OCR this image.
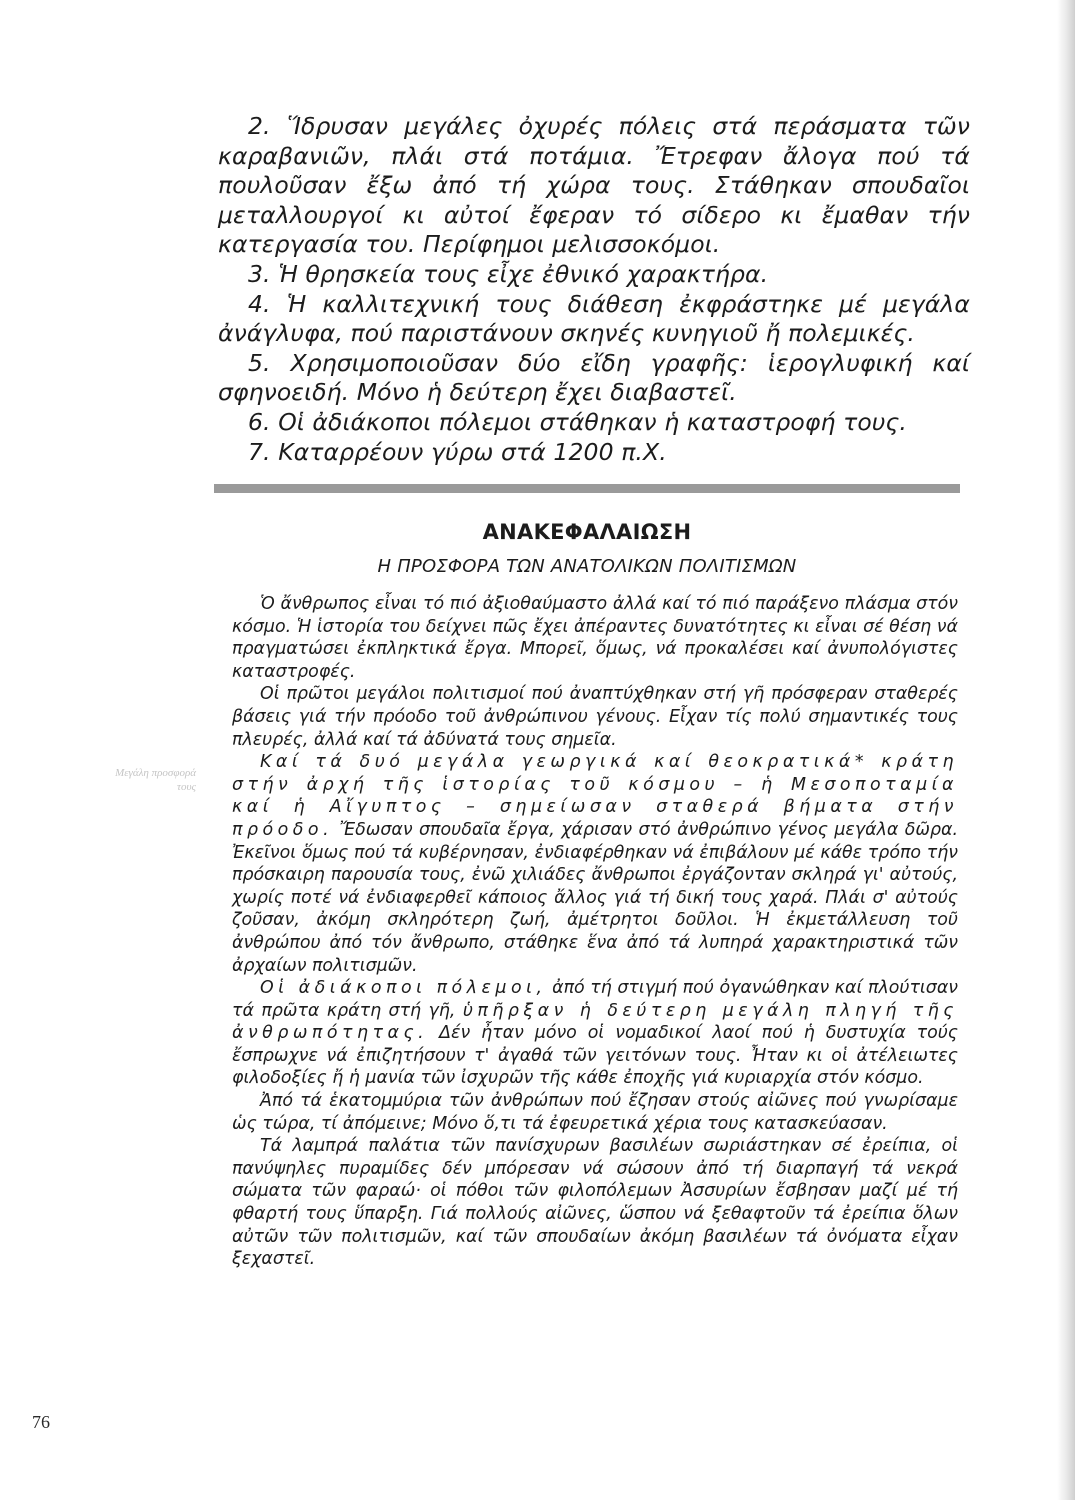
2. Ἵδρυσαν μεγάλες ὀχυρές πόλεις στά περάσματα τῶν καραβανιῶν, πλάι στά ποτάμια. Ἔτρεφαν ἄλογα πού τά πουλοῦσαν ἔξω ἀπό τή χώρα τους. Στάθηκαν σπουδαῖοι μεταλλουργοί κι αὐτοί ἔφεραν τό σίδερο κι ἔμαθαν τήν κατεργασία του. Περίφημοι μελισσοκόμοι.

3. Ἡ θρησκεία τους εἶχε ἐθνικό χαρακτήρα.

4. Ἡ καλλιτεχνική τους διάθεση ἐκφράστηκε μέ μεγάλα ἀνάγλυφα, πού παριστάνουν σκηνές κυνηγιοῦ ἤ πολεμικές.

5. Χρησιμοποιοῦσαν δύο εἴδη γραφῆς: ἱερογλυφική καί σφηνοειδή. Μόνο ἡ δεύτερη ἔχει διαβαστεῖ.

6. Οἱ ἀδιάκοποι πόλεμοι στάθηκαν ἡ καταστροφή τους.

7. Καταρρέουν γύρω στά 1200 π.Χ.

ΑΝΑΚΕΦΑΛΑΙΩΣΗ
Η ΠΡΟΣΦΟΡΑ ΤΩΝ ΑΝΑΤΟΛΙΚΩΝ ΠΟΛΙΤΙΣΜΩΝ
Μεγάλη προσφορά τους

Ὁ ἄνθρωπος εἶναι τό πιό ἀξιοθαύμαστο ἀλλά καί τό πιό παράξενο πλάσμα στόν κόσμο. Ἡ ἱστορία του δείχνει πῶς ἔχει ἀπέραντες δυνατότητες κι εἶναι σέ θέση νά πραγματώσει ἐκπληκτικά ἔργα. Μπορεῖ, ὅμως, νά προκαλέσει καί ἀνυπολόγιστες καταστροφές.

Οἱ πρῶτοι μεγάλοι πολιτισμοί πού ἀναπτύχθηκαν στή γῆ πρόσφεραν σταθερές βάσεις γιά τήν πρόοδο τοῦ ἀνθρώπινου γένους. Εἶχαν τίς πολύ σημαντικές τους πλευρές, ἀλλά καί τά ἀδύνατά τους σημεῖα.

Καί τά δυό μεγάλα γεωργικά καί θεοκρατικά* κράτη στήν ἀρχή τῆς ἱστορίας τοῦ κόσμου – ἡ Μεσοποταμία καί ἡ Αἴγυπτος – σημείωσαν σταθερά βήματα στήν πρόοδο. Ἔδωσαν σπουδαῖα ἔργα, χάρισαν στό ἀνθρώπινο γένος μεγάλα δῶρα. Ἐκεῖνοι ὅμως πού τά κυβέρνησαν, ἐνδιαφέρθηκαν νά ἐπιβάλουν μέ κάθε τρόπο τήν πρόσκαιρη παρουσία τους, ἐνῶ χιλιάδες ἄνθρωποι ἐργάζονταν σκληρά γι' αὐτούς, χωρίς ποτέ νά ἐνδιαφερθεῖ κάποιος ἄλλος γιά τή δική τους χαρά. Πλάι σ' αὐτούς ζοῦσαν, ἀκόμη σκληρότερη ζωή, ἀμέτρητοι δοῦλοι. Ἡ ἐκμετάλλευση τοῦ ἀνθρώπου ἀπό τόν ἄνθρωπο, στάθηκε ἕνα ἀπό τά λυπηρά χαρακτηριστικά τῶν ἀρχαίων πολιτισμῶν.

Οἱ ἀδιάκοποι πόλεμοι, ἀπό τή στιγμή πού ὀγανώθηκαν καί πλούτισαν τά πρῶτα κράτη στή γῆ, ὑπῆρξαν ἡ δεύτερη μεγάλη πληγή τῆς ἀνθρωπότητας. Δέν ἦταν μόνο οἱ νομαδικοί λαοί πού ἡ δυστυχία τούς ἔσπρωχνε νά ἐπιζητήσουν τ' ἀγαθά τῶν γειτόνων τους. Ἦταν κι οἱ ἀτέλειωτες φιλοδοξίες ἤ ἡ μανία τῶν ἰσχυρῶν τῆς κάθε ἐποχῆς γιά κυριαρχία στόν κόσμο.

Ἀπό τά ἑκατομμύρια τῶν ἀνθρώπων πού ἔζησαν στούς αἰῶνες πού γνωρίσαμε ὡς τώρα, τί ἀπόμεινε; Μόνο ὅ,τι τά ἐφευρετικά χέρια τους κατασκεύασαν.

Τά λαμπρά παλάτια τῶν πανίσχυρων βασιλέων σωριάστηκαν σέ ἐρείπια, οἱ πανύψηλες πυραμίδες δέν μπόρεσαν νά σώσουν ἀπό τή διαρπαγή τά νεκρά σώματα τῶν φαραώ· οἱ πόθοι τῶν φιλοπόλεμων Ἀσσυρίων ἔσβησαν μαζί μέ τή φθαρτή τους ὕπαρξη. Γιά πολλούς αἰῶνες, ὥσπου νά ξεθαφτοῦν τά ἐρείπια ὅλων αὐτῶν τῶν πολιτισμῶν, καί τῶν σπουδαίων ἀκόμη βασιλέων τά ὀνόματα εἶχαν ξεχαστεῖ.

76
